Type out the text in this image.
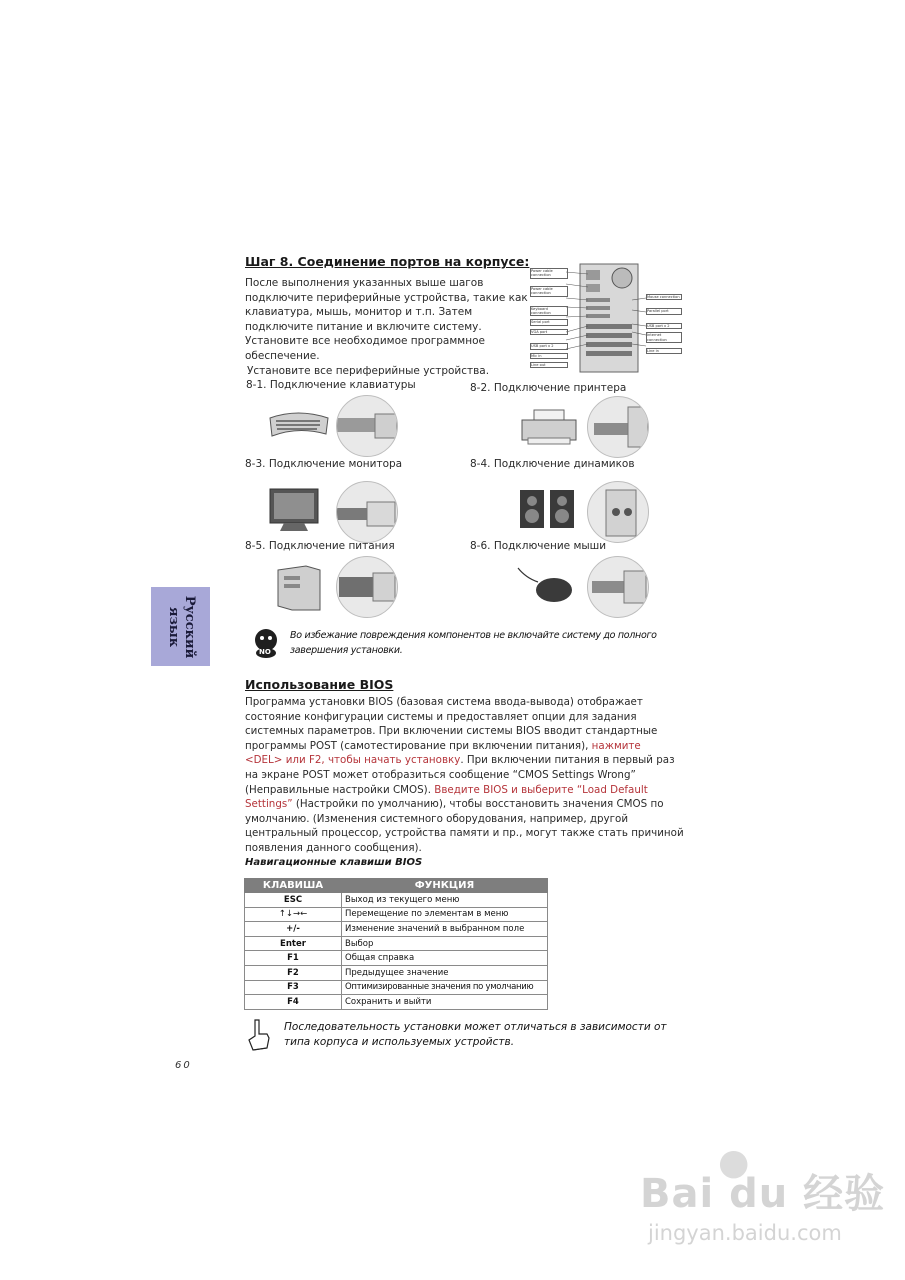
Шаг 8. Соединение портов на корпусе:
После выполнения указанных выше шагов
подключите периферийные устройства, такие как
клавиатура, мышь, монитор и т.п. Затем
подключите питание и включите систему.
Установите все необходимое программное
обеспечение.
Установите все периферийные устройства.
Power cable connection
Power cable connection
Keyboard connection
Serial port
VGA port
USB port x 2
Mic in
Line out
Mouse connection
Parallel port
USB port x 2
Internet connection
Line in
8-1. Подключение клавиатуры	8-2. Подключение принтера
8-3. Подключение монитора	8-4. Подключение динамиков
8-5. Подключение питания	8-6. Подключение мыши
Русский
язык
NO
Во избежание повреждения компонентов не включайте систему до полного
завершения установки.
Использование BIOS
Программа установки BIOS (базовая система ввода-вывода) отображает
состояние конфигурации системы и предоставляет опции для задания
системных параметров. При включении системы BIOS вводит стандартные
программы POST (самотестирование при включении питания), нажмите
<DEL> или F2, чтобы начать установку. При включении питания в первый раз
на экране POST может отобразиться сообщение “CMOS Settings Wrong”
(Неправильные настройки CMOS). Введите BIOS и выберите “Load Default
Settings” (Настройки по умолчанию), чтобы восстановить значения CMOS по
умолчанию. (Изменения системного оборудования, например, другой
центральный процессор, устройства памяти и пр., могут также стать причиной
появления данного сообщения).
Навигационные клавиши BIOS
КЛАВИША	ФУНКЦИЯ
ESC	Выход из текущего меню
↑↓→←	Перемещение по элементам в меню
+/-	Изменение значений в выбранном поле
Enter	Выбор
F1	Общая справка
F2	Предыдущее значение
F3	Оптимизированные значения по умолчанию
F4	Сохранить и выйти
Последовательность установки может отличаться в зависимости от
типа корпуса и используемых устройств.
60
●
Bai du 经验
jingyan.baidu.com
